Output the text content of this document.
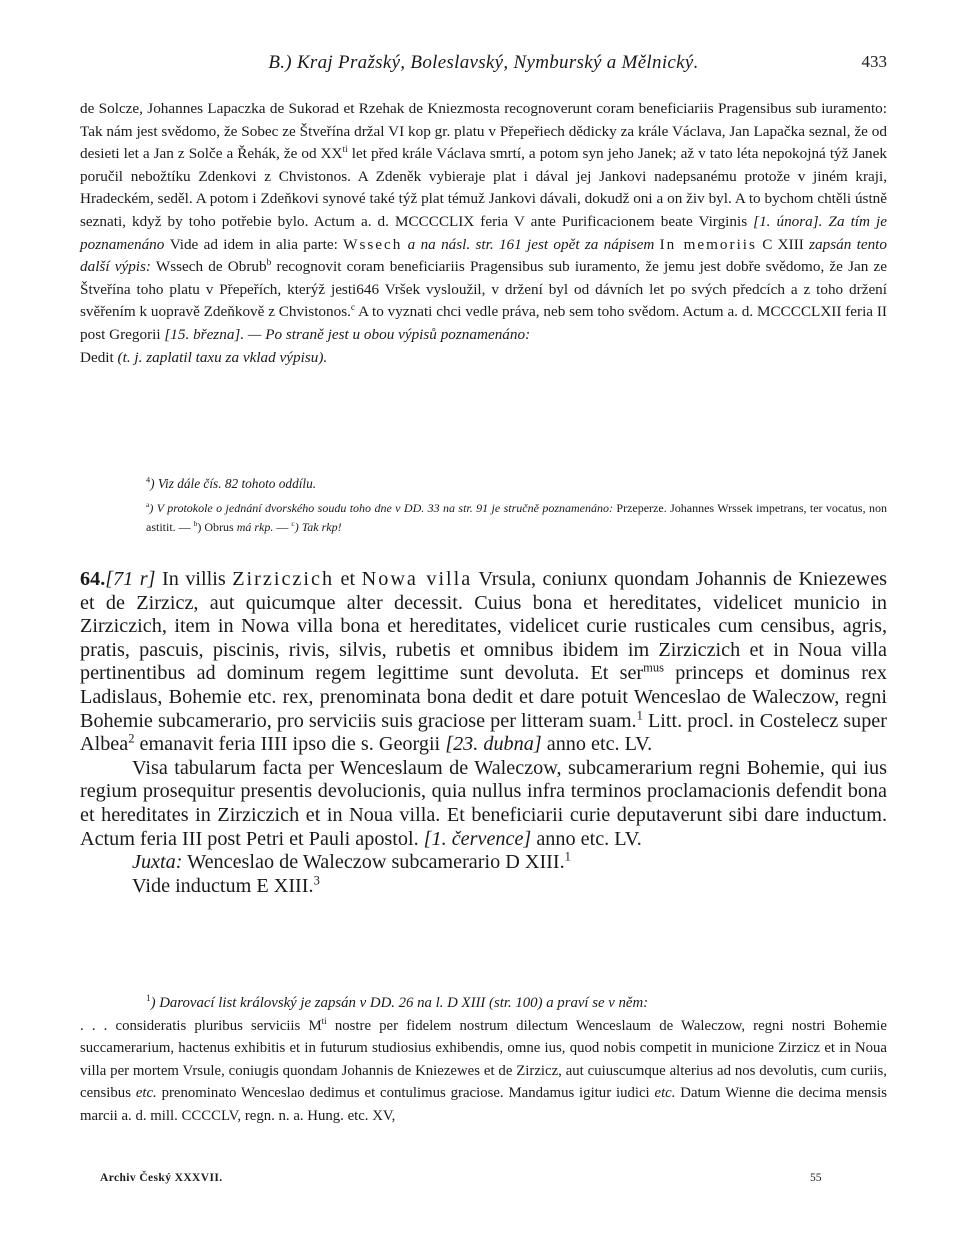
B.) Kraj Pražský, Boleslavský, Nymburský a Mělnický.	433

de Solcze, Johannes Lapaczka de Sukorad et Rzehak de Kniezmosta recognoverunt coram beneficiariis Pragensibus sub iuramento: Tak nám jest svědomo, že Sobec ze Štveřína držal VI kop gr. platu v Přepeřiech dědicky za krále Václava, Jan Lapačka seznal, že od desieti let a Jan z Solče a Řehák, že od $XX^{ti}$ let před krále Václava smrtí, a potom syn jeho Janek; až v tato léta nepokojná týž Janek poručil nebožtíku Zdenkovi z Chvistonos. A Zdeněk vybieraje plat i dával jej Jankovi nadepsanému protože v jiném kraji, Hradeckém, seděl. A potom i Zdeňkovi synové také týž plat témuž Jankovi dávali, dokudž oni a on živ byl. A to bychom chtěli ústně seznati, když by toho potřebie bylo. Actum a. d. MCCCCLIX feria V ante Purificacionem beate Virginis [1. února]. Za tím je poznamenáno Vide ad idem in alia parte: Wssech a na násl. str. 161 jest opět za nápisem In memoriis C XIII zapsán tento další výpis: Wssech de Obrub$^b$ recognovit coram beneficiariis Pragensibus sub iuramento, že jemu jest dobře svědomo, že Jan ze Štveřína toho platu v Přepeřích, kterýž jesti646 Vršek vysloužil, v držení byl od dávních let po svých předcích a z toho držení svěřením k uopravě Zdeňkově z Chvistonos.$^c$ A to vyznati chci vedle práva, neb sem toho svědom. Actum a. d. MCCCCLXII feria II post Gregorii [15. března]. — Po straně jest u obou výpisů poznamenáno:
Dedit (t. j. zaplatil taxu za vklad výpisu).

$^4$) Viz dále čís. 82 tohoto oddílu.
$^a$) V protokole o jednání dvorského soudu toho dne v DD. 33 na str. 91 je stručně poznamenáno: Przeperze. Johannes Wrssek impetrans, ter vocatus, non astitit. — $^b$) Obrus má rkp. — $^c$) Tak rkp!

64.[71 r] In villis Zirziczich et Nowa villa Vrsula, coniunx quondam Johannis de Kniezewes et de Zirzicz, aut quicumque alter decessit. Cuius bona et hereditates, videlicet municio in Zirziczich, item in Nowa villa bona et hereditates, videlicet curie rusticales cum censibus, agris, pratis, pascuis, piscinis, rivis, silvis, rubetis et omnibus ibidem im Zirziczich et in Noua villa pertinentibus ad dominum regem legittime sunt devoluta. Et ser$^{mus}$ princeps et dominus rex Ladislaus, Bohemie etc. rex, prenominata bona dedit et dare potuit Wenceslao de Waleczow, regni Bohemie subcamerario, pro serviciis suis graciose per litteram suam.$^1$ Litt. procl. in Costelecz super Albea$^2$ emanavit feria IIII ipso die s. Georgii [23. dubna] anno etc. LV.

Visa tabularum facta per Wenceslaum de Waleczow, subcamerarium regni Bohemie, qui ius regium prosequitur presentis devolucionis, quia nullus infra terminos proclamacionis defendit bona et hereditates in Zirziczich et in Noua villa. Et beneficiarii curie deputaverunt sibi dare inductum. Actum feria III post Petri et Pauli apostol. [1. července] anno etc. LV.

Juxta: Wenceslao de Waleczow subcamerario D XIII.$^1$

Vide inductum E XIII.$^3$

$^1$) Darovací list královský je zapsán v DD. 26 na l. D XIII (str. 100) a praví se v něm:

. . . consideratis pluribus serviciis $M^{ti}$ nostre per fidelem nostrum dilectum Wenceslaum de Waleczow, regni nostri Bohemie succamerarium, hactenus exhibitis et in futurum studiosius exhibendis, omne ius, quod nobis competit in municione Zirzicz et in Noua villa per mortem Vrsule, coniugis quondam Johannis de Kniezewes et de Zirzicz, aut cuiuscumque alterius ad nos devolutis, cum curiis, censibus etc. prenominato Wenceslao dedimus et contulimus graciose. Mandamus igitur iudici etc. Datum Wienne die decima mensis marcii a. d. mill. CCCCLV, regn. n. a. Hung. etc. XV,

Archiv Český XXXVII.	55
